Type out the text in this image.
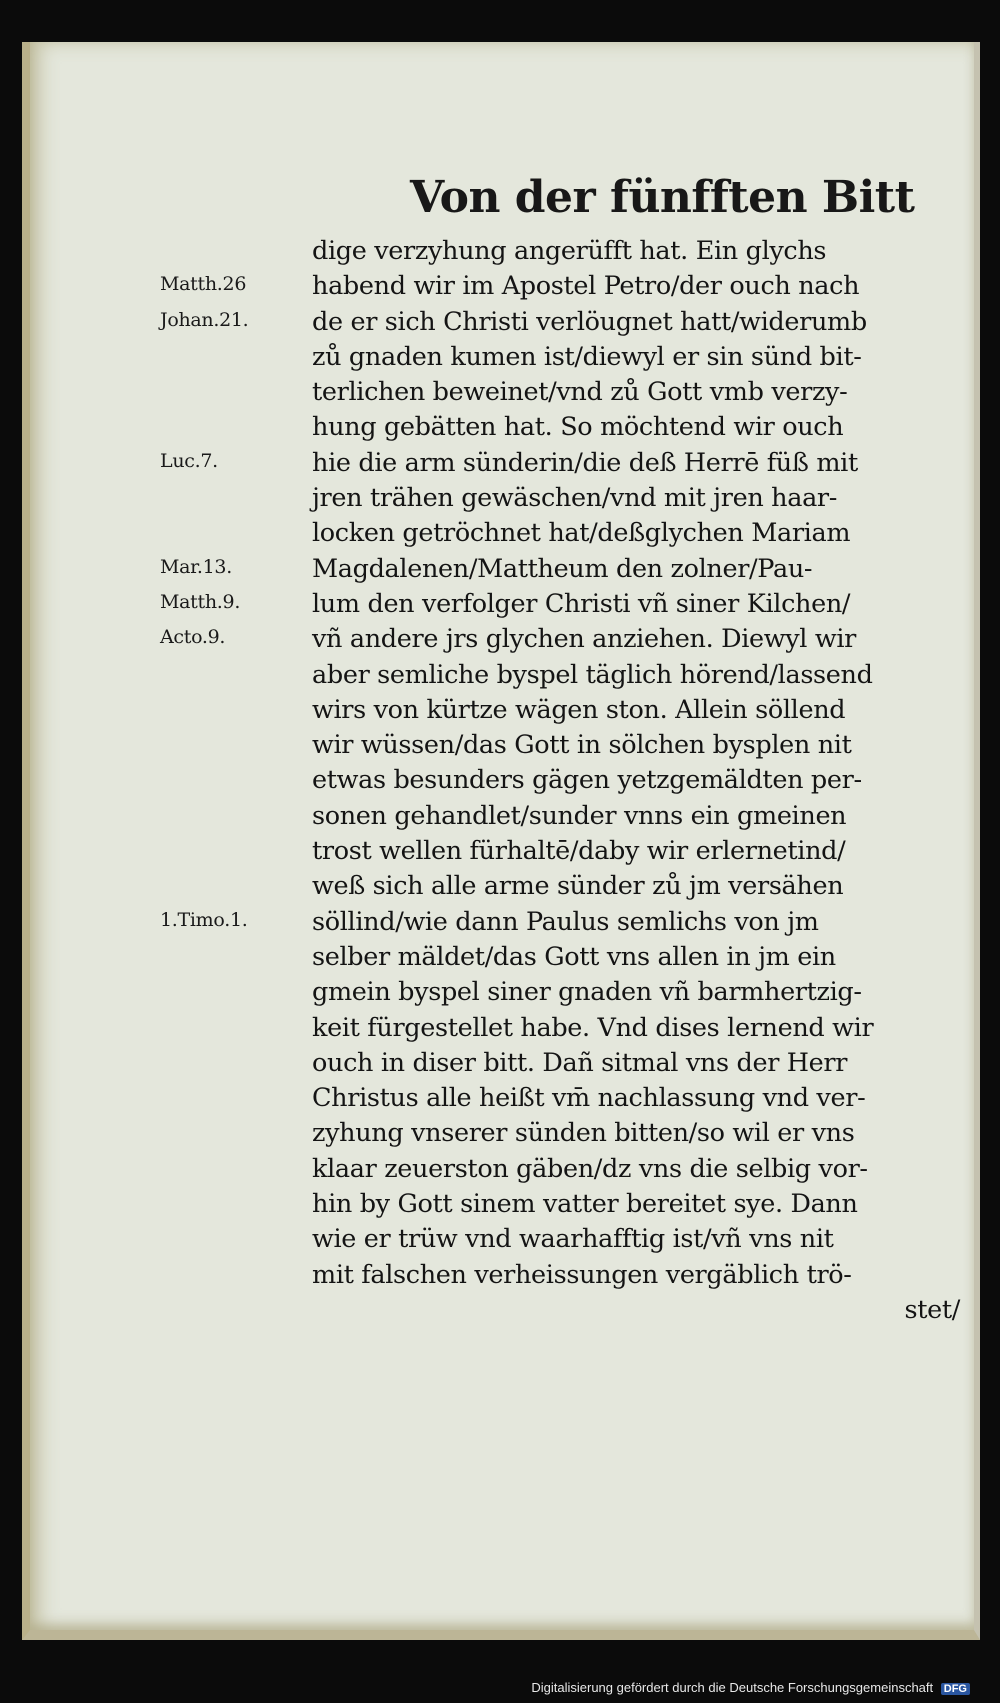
Von der fünfften Bitt
dige verzyhung angerüfft hat. Ein glychs
habend wir im Apostel Petro/der ouch nach
de er sich Christi verlöugnet hatt/widerumb
zů gnaden kumen ist/diewyl er sin sünd bit-
terlichen beweinet/vnd zů Gott vmb verzy-
hung gebätten hat. So möchtend wir ouch
hie die arm sünderin/die deß Herrē füß mit
jren trähen gewäschen/vnd mit jren haar-
locken getröchnet hat/deßglychen Mariam
Magdalenen/Mattheum den zolner/Pau-
lum den verfolger Christi vñ siner Kilchen/
vñ andere jrs glychen anziehen. Diewyl wir
aber semliche byspel täglich hörend/lassend
wirs von kürtze wägen ston. Allein söllend
wir wüssen/das Gott in sölchen bysplen nit
etwas besunders gägen yetzgemäldten per-
sonen gehandlet/sunder vnns ein gmeinen
trost wellen fürhaltē/daby wir erlernetind/
weß sich alle arme sünder zů jm versähen
söllind/wie dann Paulus semlichs von jm
selber mäldet/das Gott vns allen in jm ein
gmein byspel siner gnaden vñ barmhertzig-
keit fürgestellet habe. Vnd dises lernend wir
ouch in diser bitt. Dañ sitmal vns der Herr
Christus alle heißt vm̄ nachlassung vnd ver-
zyhung vnserer sünden bitten/so wil er vns
klaar zeuerston gäben/dz vns die selbig vor-
hin by Gott sinem vatter bereitet sye. Dann
wie er trüw vnd waarhafftig ist/vñ vns nit
mit falschen verheissungen vergäblich trö-
stet/
Matth.26
Johan.21.
Luc.7.
Mar.13.
Matth.9.
Acto.9.
1.Timo.1.
Digitalisierung gefördert durch die Deutsche Forschungsgemeinschaft DFG
